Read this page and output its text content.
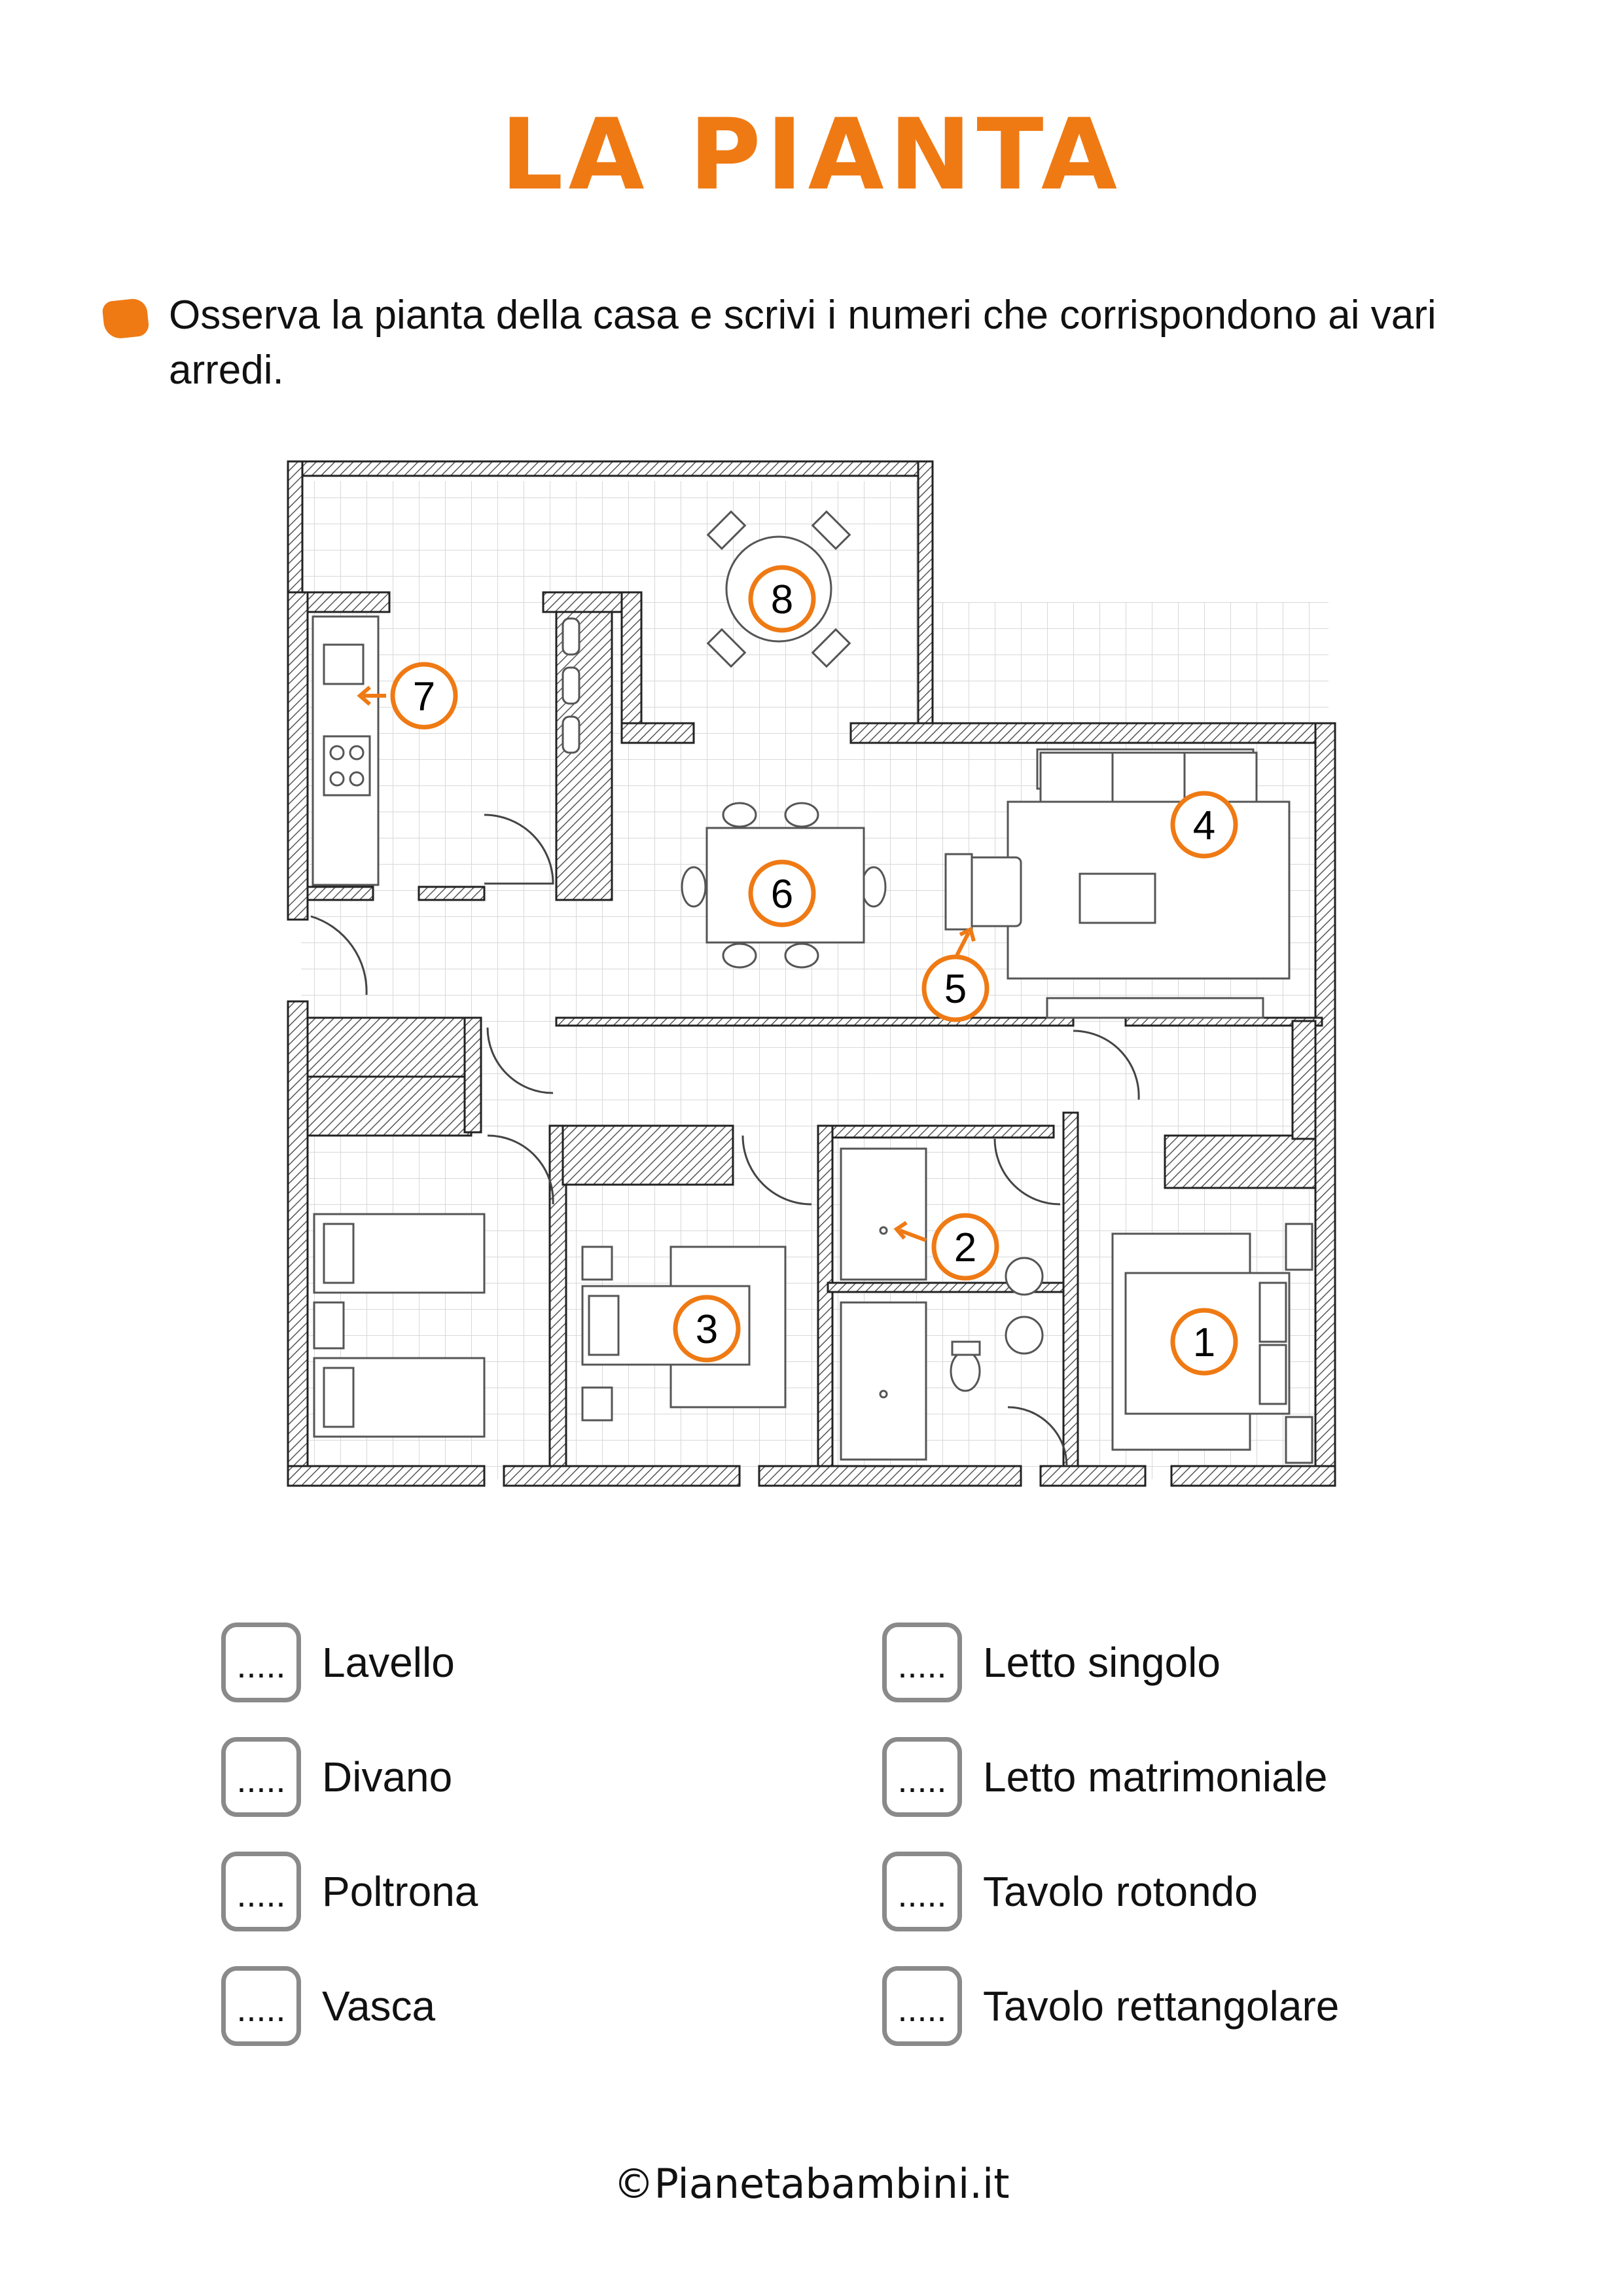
LA PIANTA
Osserva la pianta della casa e scrivi i numeri che corrispondono ai vari arredi.
1
2
3
4
5
6
7
8
..... Lavello
..... Divano
..... Poltrona
..... Vasca
..... Letto singolo
..... Letto matrimoniale
..... Tavolo rotondo
..... Tavolo rettangolare
©Pianetabambini.it
